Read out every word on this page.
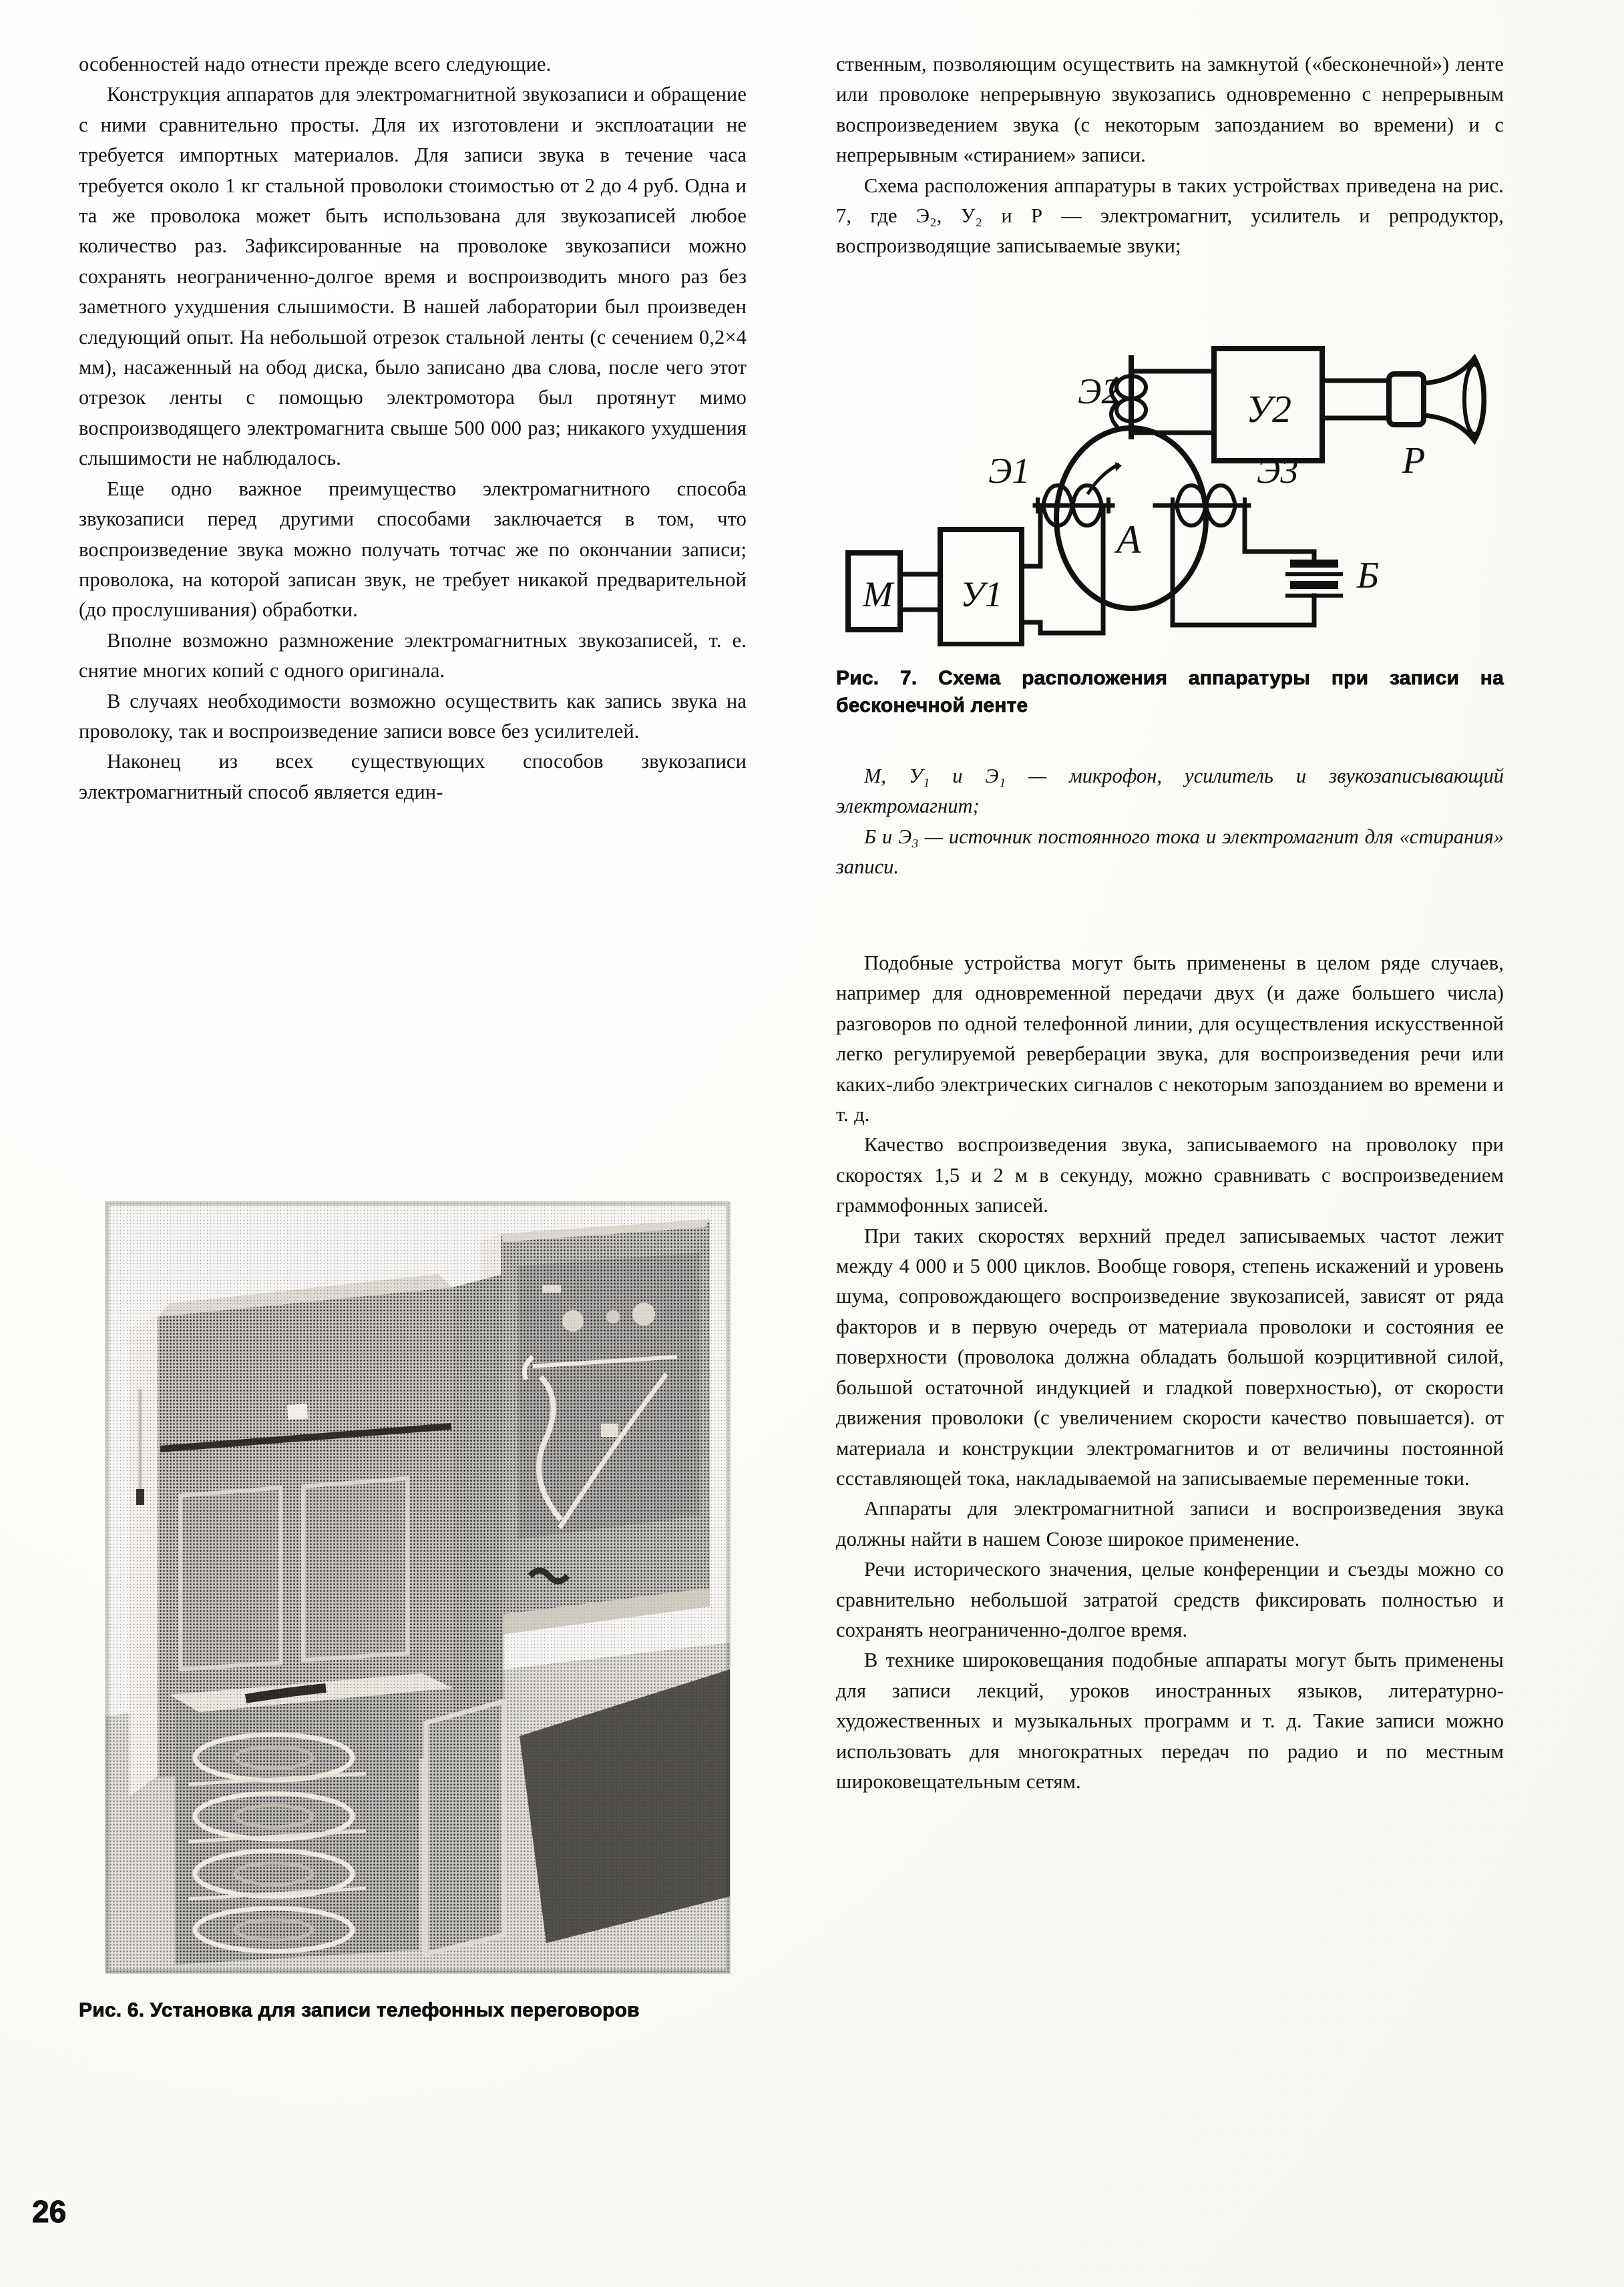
особенностей надо отнести прежде всего следующие.

Конструкция аппаратов для электромагнитной звукозаписи и обращение с ними сравнительно просты. Для их изготовлени и эксплоатации не требуется импортных материалов. Для записи звука в течение часа требуется около 1 кг стальной проволоки стоимостью от 2 до 4 руб. Одна и та же проволока может быть использована для звукозаписей любое количество раз. Зафиксированные на проволоке звукозаписи можно сохранять неограниченно-долгое время и воспроизводить много раз без заметного ухудшения слышимости. В нашей лаборатории был произведен следующий опыт. На небольшой отрезок стальной ленты (с сечением 0,2×4 мм), насаженный на обод диска, было записано два слова, после чего этот отрезок ленты с помощью электромотора был протянут мимо воспроизводящего электромагнита свыше 500 000 раз; никакого ухудшения слышимости не наблюдалось.

Еще одно важное преимущество электромагнитного способа звукозаписи перед другими способами заключается в том, что воспроизведение звука можно получать тотчас же по окончании записи; проволока, на которой записан звук, не требует никакой предварительной (до прослушивания) обработки.

Вполне возможно размножение электромагнитных звукозаписей, т. е. снятие многих копий с одного оригинала.

В случаях необходимости возможно осуществить как запись звука на проволоку, так и воспроизведение записи вовсе без усилителей.

Наконец из всех существующих способов звукозаписи электромагнитный способ является един-

ственным, позволяющим осуществить на замкнутой («бесконечной») ленте или проволоке непрерывную звукозапись одновременно с непрерывным воспроизведением звука (с некоторым запозданием во времени) и с непрерывным «стиранием» записи.

Схема расположения аппаратуры в таких устройствах приведена на рис. 7, где Э₂, У₂ и Р — электромагнит, усилитель и репродуктор, воспроизводящие записываемые звуки;

М У1
Э1
Э2
Э3
У2
Р
Б
А
Рис. 7. Схема расположения аппаратуры при записи на бесконечной ленте

М, У₁ и Э₁ — микрофон, усилитель и звукозаписывающий электромагнит;

Б и Э₃ — источник постоянного тока и электромагнит для «стирания» записи.

Подобные устройства могут быть применены в целом ряде случаев, например для одновременной передачи двух (и даже большего числа) разговоров по одной телефонной линии, для осуществления искусственной легко регулируемой реверберации звука, для воспроизведения речи или каких-либо электрических сигналов с некоторым запозданием во времени и т. д.

Качество воспроизведения звука, записываемого на проволоку при скоростях 1,5 и 2 м в секунду, можно сравнивать с воспроизведением граммофонных записей.

При таких скоростях верхний предел записываемых частот лежит между 4 000 и 5 000 циклов. Вообще говоря, степень искажений и уровень шума, сопровождающего воспроизведение звукозаписей, зависят от ряда факторов и в первую очередь от материала проволоки и состояния ее поверхности (проволока должна обладать большой коэрцитивной силой, большой остаточной индукцией и гладкой поверхностью), от скорости движения проволоки (с увеличением скорости качество повышается). от материала и конструкции электромагнитов и от величины постоянной ссставляющей тока, накладываемой на записываемые переменные токи.

Аппараты для электромагнитной записи и воспроизведения звука должны найти в нашем Союзе широкое применение.

Речи исторического значения, целые конференции и съезды можно со сравнительно небольшой затратой средств фиксировать полностью и сохранять неограниченно-долгое время.

В технике широковещания подобные аппараты могут быть применены для записи лекций, уроков иностранных языков, литературно-художественных и музыкальных программ и т. д. Такие записи можно использовать для многократных передач по радио и по местным широковещательным сетям.

Рис. 6. Установка для записи телефонных переговоров
26
